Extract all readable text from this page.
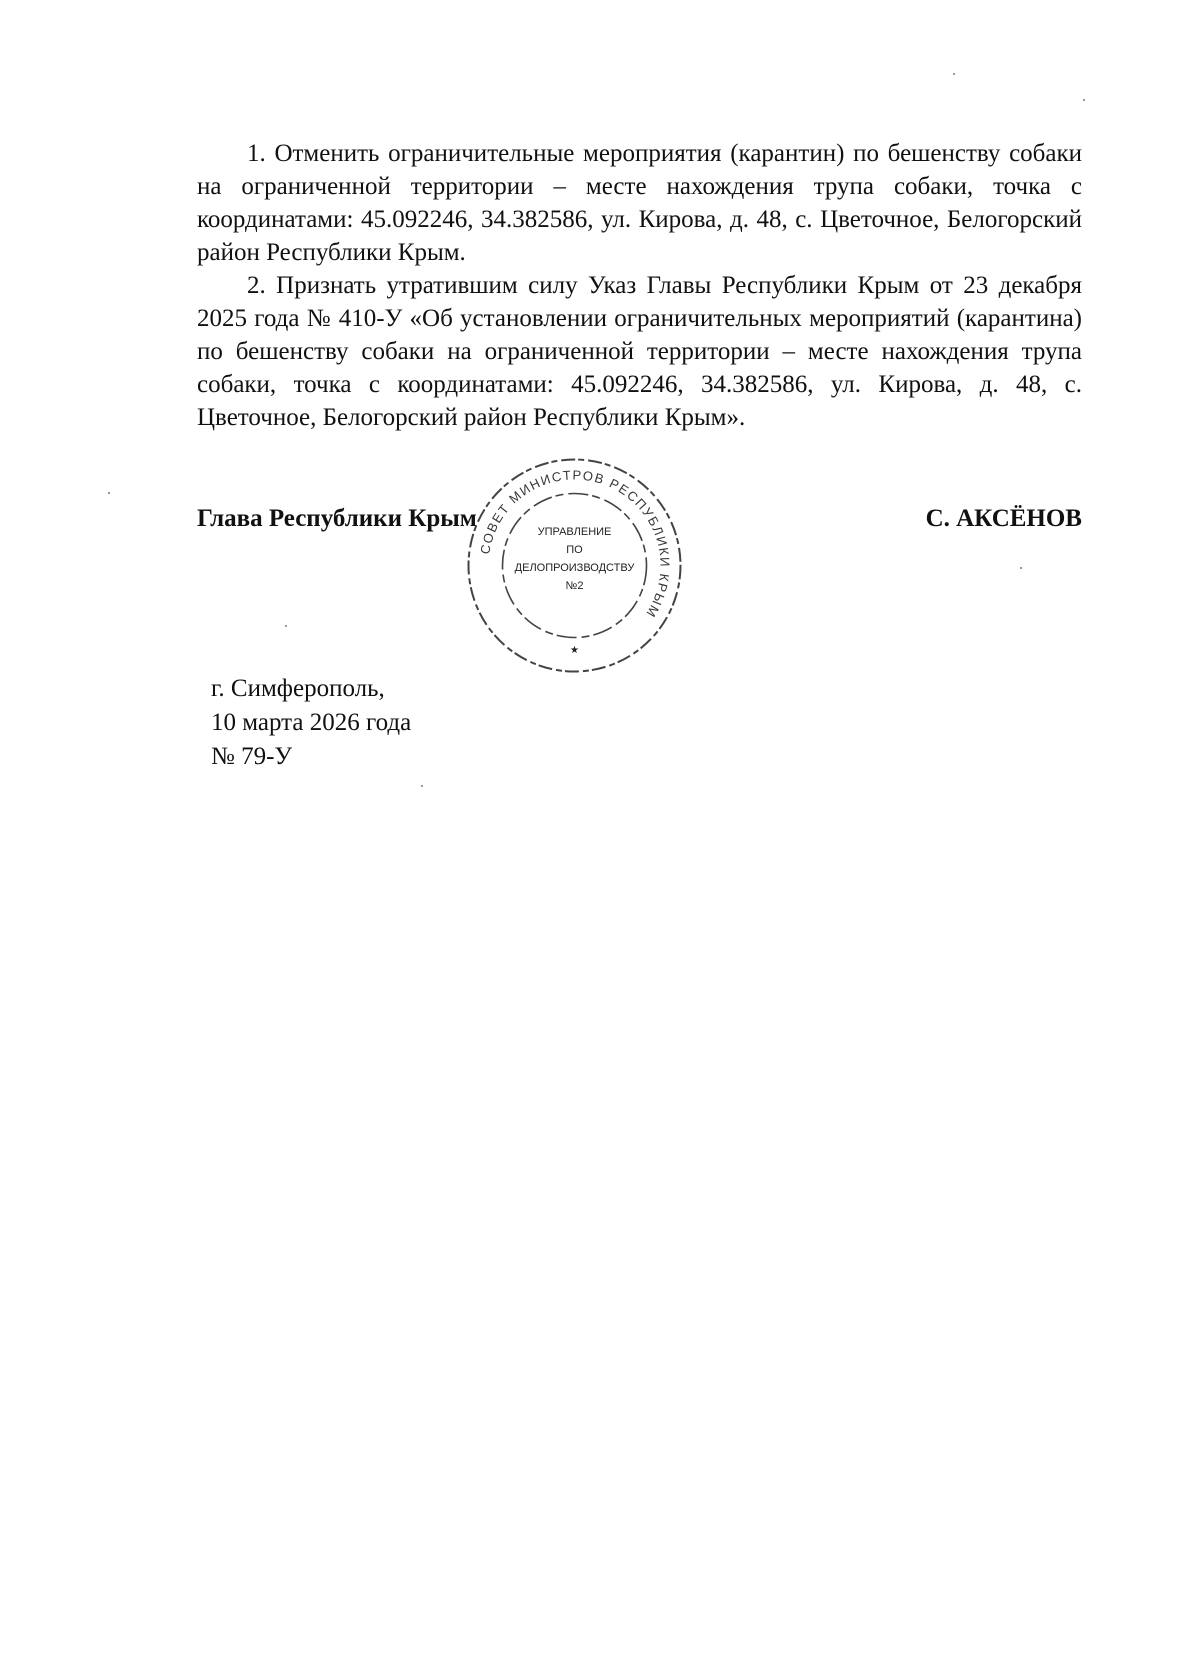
1. Отменить ограничительные мероприятия (карантин) по бешенству собаки на ограниченной территории – месте нахождения трупа собаки, точка с координатами: 45.092246, 34.382586, ул. Кирова, д. 48, с. Цветочное, Белогорский район Республики Крым.

2. Признать утратившим силу Указ Главы Республики Крым от 23 декабря 2025 года № 410-У «Об установлении ограничительных мероприятий (карантина) по бешенству собаки на ограниченной территории – месте нахождения трупа собаки, точка с координатами: 45.092246, 34.382586, ул. Кирова, д. 48, с. Цветочное, Белогорский район Республики Крым».

Глава Республики Крым	С. АКСЁНОВ
СОВЕТ МИНИСТРОВ РЕСПУБЛИКИ КРЫМ
УПРАВЛЕНИЕ
ПО
ДЕЛОПРОИЗВОДСТВУ
№2
★
г. Симферополь,
10 марта 2026 года
№ 79-У
